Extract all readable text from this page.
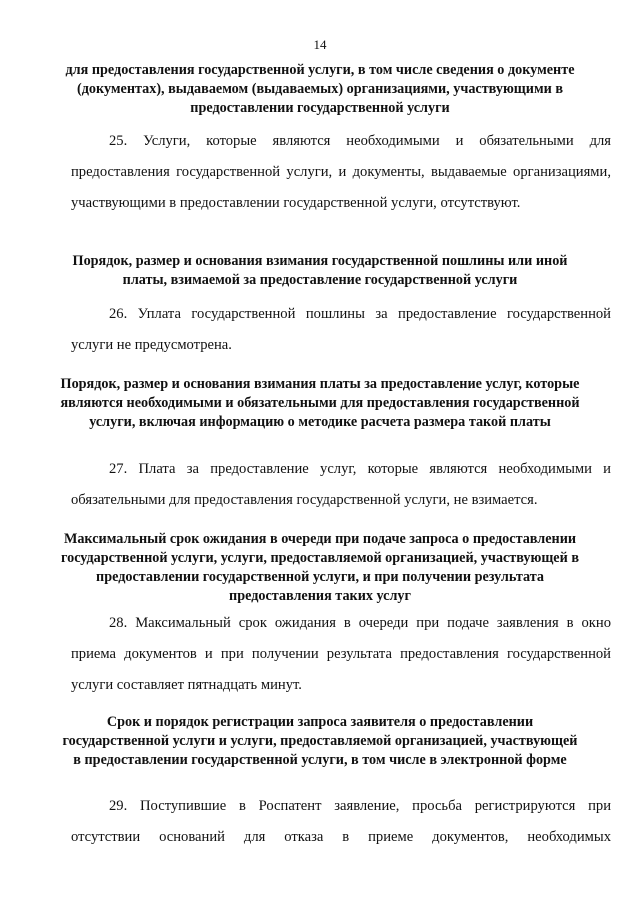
14
для предоставления государственной услуги, в том числе сведения о документе (документах), выдаваемом (выдаваемых) организациями, участвующими в предоставлении государственной услуги
25. Услуги, которые являются необходимыми и обязательными для предоставления государственной услуги, и документы, выдаваемые организациями, участвующими в предоставлении государственной услуги, отсутствуют.
Порядок, размер и основания взимания государственной пошлины или иной платы, взимаемой за предоставление государственной услуги
26. Уплата государственной пошлины за предоставление государственной услуги не предусмотрена.
Порядок, размер и основания взимания платы за предоставление услуг, которые являются необходимыми и обязательными для предоставления государственной услуги, включая информацию о методике расчета размера такой платы
27. Плата за предоставление услуг, которые являются необходимыми и обязательными для предоставления государственной услуги, не взимается.
Максимальный срок ожидания в очереди при подаче запроса о предоставлении государственной услуги, услуги, предоставляемой организацией, участвующей в предоставлении государственной услуги, и при получении результата предоставления таких услуг
28. Максимальный срок ожидания в очереди при подаче заявления в окно приема документов и при получении результата предоставления государственной услуги составляет пятнадцать минут.
Срок и порядок регистрации запроса заявителя о предоставлении государственной услуги и услуги, предоставляемой организацией, участвующей в предоставлении государственной услуги, в том числе в электронной форме
29. Поступившие в Роспатент заявление, просьба регистрируются при отсутствии оснований для отказа в приеме документов, необходимых
